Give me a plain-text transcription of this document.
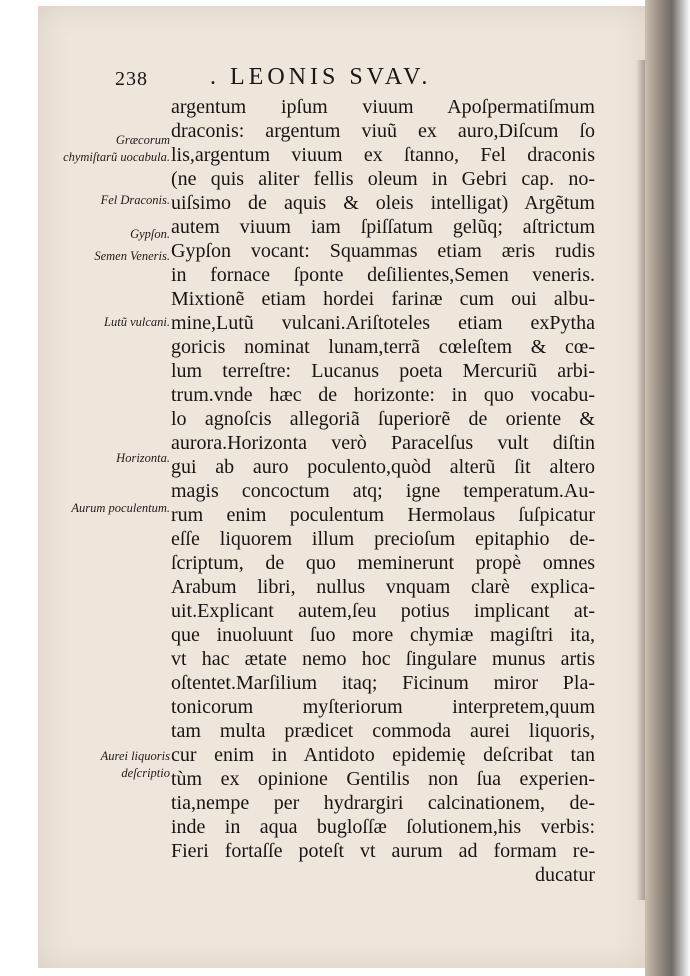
238	. LEONIS SVAV.
Græcorum chymiſtarũ uocabula.
Fel Draconis.
Gypſon.
Semen Veneris.
Lutũ vulcani.
Horizonta.
Aurum poculentum.
Aurei liquoris deſcriptio
argentum ipſum viuum Apoſpermatiſmum
draconis: argentum viuũ ex auro,Diſcum ſo
lis,argentum viuum ex ſtanno, Fel draconis
(ne quis aliter fellis oleum in Gebri cap. no-
uiſsimo de aquis & oleis intelligat) Argẽtum
autem viuum iam ſpiſſatum gelũq; aſtrictum
Gypſon vocant: Squammas etiam æris rudis
in fornace ſponte deſilientes,Semen veneris.
Mixtionẽ etiam hordei farinæ cum oui albu-
mine,Lutũ vulcani.Ariſtoteles etiam exPytha
goricis nominat lunam,terrã cœleſtem & cœ-
lum terreſtre: Lucanus poeta Mercuriũ arbi-
trum.vnde hæc de horizonte: in quo vocabu-
lo agnoſcis allegoriã ſuperiorẽ de oriente &
aurora.Horizonta verò Paracelſus vult diſtin
gui ab auro poculento,quòd alterũ ſit altero
magis concoctum atq; igne temperatum.Au-
rum enim poculentum Hermolaus ſuſpicatur
eſſe liquorem illum precioſum epitaphio de-
ſcriptum, de quo meminerunt propè omnes
Arabum libri, nullus vnquam clarè explica-
uit.Explicant autem,ſeu potius implicant at-
que inuoluunt ſuo more chymiæ magiſtri ita,
vt hac ætate nemo hoc ſingulare munus artis
oſtentet.Marſilium itaq; Ficinum miror Pla-
tonicorum myſteriorum interpretem,quum
tam multa prædicet commoda aurei liquoris,
cur enim in Antidoto epidemię deſcribat tan
tùm ex opinione Gentilis non ſua experien-
tia,nempe per hydrargiri calcinationem, de-
inde in aqua bugloſſæ ſolutionem,his verbis:
Fieri fortaſſe poteſt vt aurum ad formam re-
ducatur
